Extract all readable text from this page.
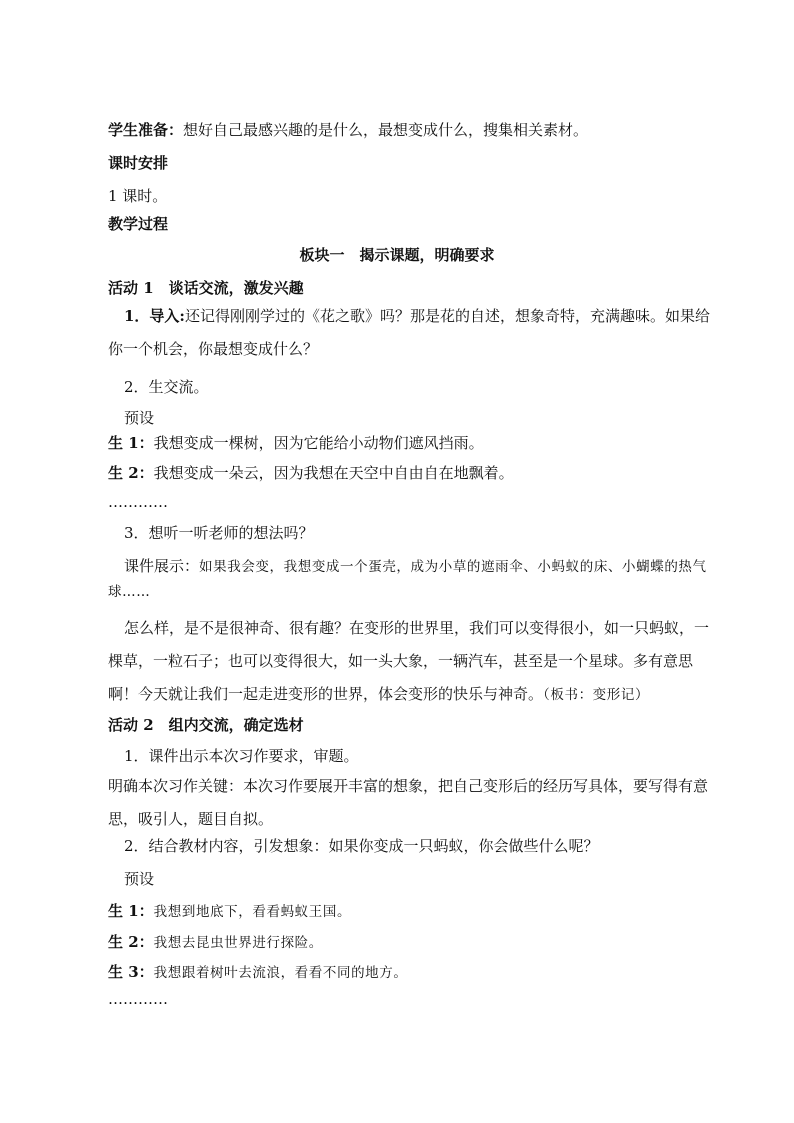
学生准备：想好自己最感兴趣的是什么，最想变成什么，搜集相关素材。
课时安排
1 课时。
教学过程
板块一　揭示课题，明确要求
活动 1　谈话交流，激发兴趣
1．导入:还记得刚刚学过的《花之歌》吗？那是花的自述，想象奇特，充满趣味。如果给你一个机会，你最想变成什么？
2．生交流。
预设
生 1：我想变成一棵树，因为它能给小动物们遮风挡雨。
生 2：我想变成一朵云，因为我想在天空中自由自在地飘着。
…………
3．想听一听老师的想法吗？
课件展示：如果我会变，我想变成一个蛋壳，成为小草的遮雨伞、小蚂蚁的床、小蝴蝶的热气球……
怎么样，是不是很神奇、很有趣？在变形的世界里，我们可以变得很小，如一只蚂蚁，一棵草，一粒石子；也可以变得很大，如一头大象，一辆汽车，甚至是一个星球。多有意思啊！今天就让我们一起走进变形的世界，体会变形的快乐与神奇。（板书：变形记）
活动 2　组内交流，确定选材
1．课件出示本次习作要求，审题。
明确本次习作关键：本次习作要展开丰富的想象，把自己变形后的经历写具体，要写得有意思，吸引人，题目自拟。
2．结合教材内容，引发想象：如果你变成一只蚂蚁，你会做些什么呢？
预设
生 1：我想到地底下，看看蚂蚁王国。
生 2：我想去昆虫世界进行探险。
生 3：我想跟着树叶去流浪，看看不同的地方。
…………
